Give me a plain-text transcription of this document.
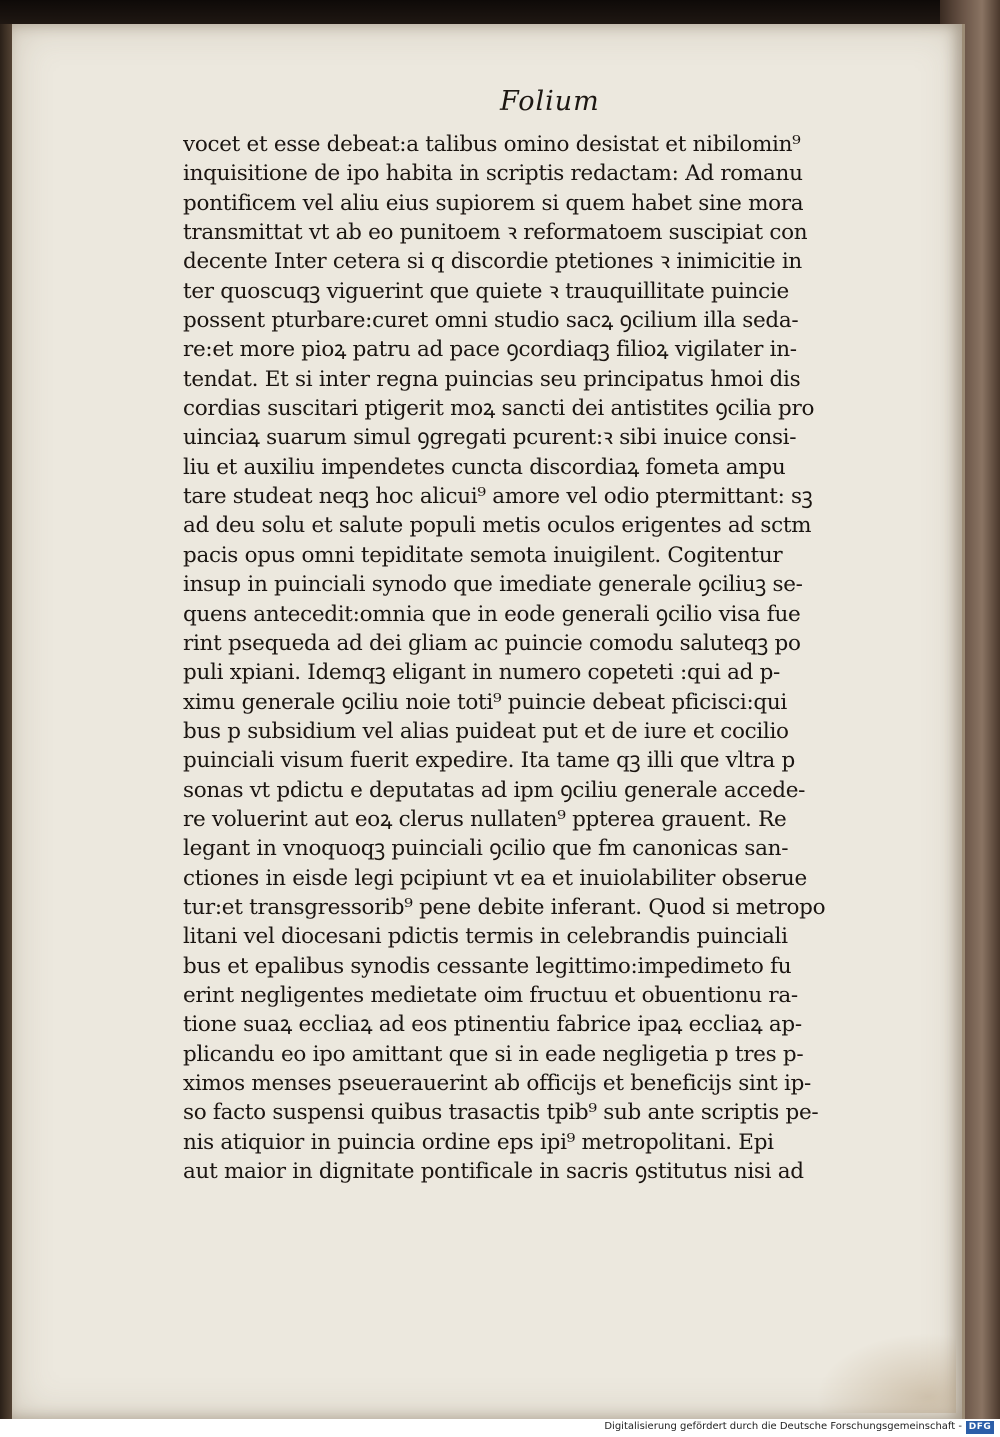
Folium
vocet et esse debeat:a talibus omino desistat et nibilomin⁹
inquisitione de ipo habita in scriptis redactam: Ad romanu
pontificem vel aliu eius supiorem si quem habet sine mora
transmittat vt ab eo punitoem ꝛ reformatoem suscipiat con
decente Inter cetera si q discordie ptetiones ꝛ inimicitie in
ter quoscuqꝫ viguerint que quiete ꝛ trauquillitate puincie
possent pturbare:curet omni studio sacꝝ ꝯcilium illa seda‑
re:et more pioꝝ patru ad pace ꝯcordiaqꝫ filioꝝ vigilater in‑
tendat. Et si inter regna puincias seu principatus hmoi dis
cordias suscitari ptigerit moꝝ sancti dei antistites ꝯcilia pro
uinciaꝝ suarum simul ꝯgregati pcurent:ꝛ sibi inuice consi‑
liu et auxiliu impendetes cuncta discordiaꝝ fometa ampu
tare studeat neqꝫ hoc alicui⁹ amore vel odio ptermittant: sꝫ
ad deu solu et salute populi metis oculos erigentes ad sctm
pacis opus omni tepiditate semota inuigilent. Cogitentur
insup in puinciali synodo que imediate generale ꝯciliuꝫ se‑
quens antecedit:omnia que in eode generali ꝯcilio visa fue
rint psequeda ad dei gliam ac puincie comodu saluteqꝫ po
puli xpiani. Idemqꝫ eligant in numero copeteti :qui ad p‑
ximu generale ꝯciliu noie toti⁹ puincie debeat pficisci:qui
bus p subsidium vel alias puideat put et de iure et cocilio
puinciali visum fuerit expedire. Ita tame qꝫ illi que vltra p
sonas vt pdictu e deputatas ad ipm ꝯciliu generale accede‑
re voluerint aut eoꝝ clerus nullaten⁹ ppterea grauent. Re
legant in vnoquoqꝫ puinciali ꝯcilio que fm canonicas san‑
ctiones in eisde legi pcipiunt vt ea et inuiolabiliter obserue
tur:et transgressorib⁹ pene debite inferant. Quod si metropo
litani vel diocesani pdictis termis in celebrandis puinciali
bus et epalibus synodis cessante legittimo:impedimeto fu
erint negligentes medietate oim fructuu et obuentionu ra‑
tione suaꝝ eccliaꝝ ad eos ptinentiu fabrice ipaꝝ eccliaꝝ ap‑
plicandu eo ipo amittant que si in eade negligetia p tres p‑
ximos menses pseuerauerint ab officijs et beneficijs sint ip‑
so facto suspensi quibus trasactis tpib⁹ sub ante scriptis pe‑
nis atiquior in puincia ordine eps ipi⁹ metropolitani. Epi
aut maior in dignitate pontificale in sacris ꝯstitutus nisi ad
Digitalisierung gefördert durch die Deutsche Forschungsgemeinschaft - DFG
